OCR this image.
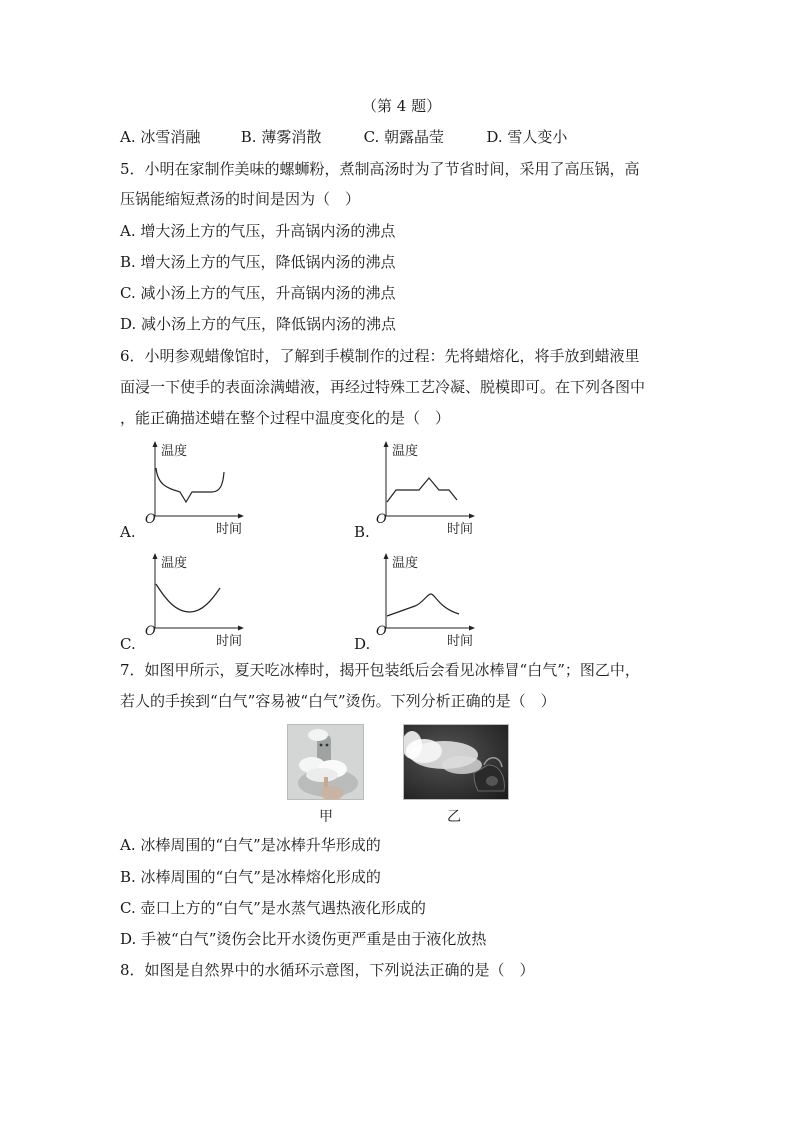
（第 4 题）
A. 冰雪消融	B. 薄雾消散	C. 朝露晶莹	D. 雪人变小
5．小明在家制作美味的螺蛳粉，煮制高汤时为了节省时间，采用了高压锅，高
压锅能缩短煮汤的时间是因为（　）
A. 增大汤上方的气压，升高锅内汤的沸点
B. 增大汤上方的气压，降低锅内汤的沸点
C. 减小汤上方的气压，升高锅内汤的沸点
D. 减小汤上方的气压，降低锅内汤的沸点
6．小明参观蜡像馆时，了解到手模制作的过程：先将蜡熔化，将手放到蜡液里
面浸一下使手的表面涂满蜡液，再经过特殊工艺冷凝、脱模即可。在下列各图中
，能正确描述蜡在整个过程中温度变化的是（　）
温度
O
时间
A.
温度
O
时间
B.
温度
O
时间
C.
温度
O
时间
D.
7．如图甲所示，夏天吃冰棒时，揭开包装纸后会看见冰棒冒“白气”；图乙中，
若人的手挨到“白气”容易被“白气”烫伤。下列分析正确的是（　）
甲	乙
A. 冰棒周围的“白气”是冰棒升华形成的
B. 冰棒周围的“白气”是冰棒熔化形成的
C. 壶口上方的“白气”是水蒸气遇热液化形成的
D. 手被“白气”烫伤会比开水烫伤更严重是由于液化放热
8．如图是自然界中的水循环示意图，下列说法正确的是（　）
